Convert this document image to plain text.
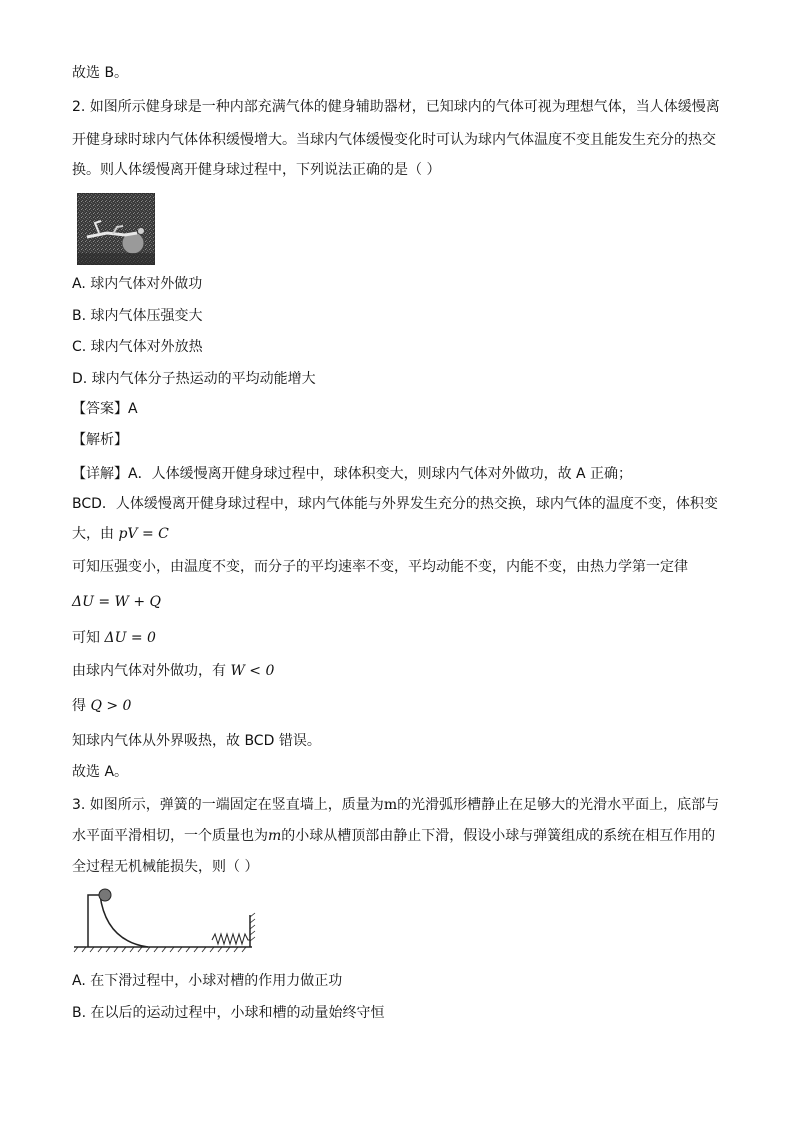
故选 B。
2. 如图所示健身球是一种内部充满气体的健身辅助器材，已知球内的气体可视为理想气体，当人体缓慢离
开健身球时球内气体体积缓慢增大。当球内气体缓慢变化时可认为球内气体温度不变且能发生充分的热交
换。则人体缓慢离开健身球过程中，下列说法正确的是（ ）
A. 球内气体对外做功
B. 球内气体压强变大
C. 球内气体对外放热
D. 球内气体分子热运动的平均动能增大
【答案】A
【解析】
【详解】A．人体缓慢离开健身球过程中，球体积变大，则球内气体对外做功，故 A 正确；
BCD．人体缓慢离开健身球过程中，球内气体能与外界发生充分的热交换，球内气体的温度不变，体积变
大，由 pV = C
可知压强变小，由温度不变，而分子的平均速率不变，平均动能不变，内能不变，由热力学第一定律
ΔU = W + Q
可知 ΔU = 0
由球内气体对外做功，有 W < 0
得 Q > 0
知球内气体从外界吸热，故 BCD 错误。
故选 A。
3. 如图所示，弹簧的一端固定在竖直墙上，质量为m的光滑弧形槽静止在足够大的光滑水平面上，底部与
水平面平滑相切，一个质量也为m的小球从槽顶部由静止下滑，假设小球与弹簧组成的系统在相互作用的
全过程无机械能损失，则（ ）
A. 在下滑过程中，小球对槽的作用力做正功
B. 在以后的运动过程中，小球和槽的动量始终守恒
